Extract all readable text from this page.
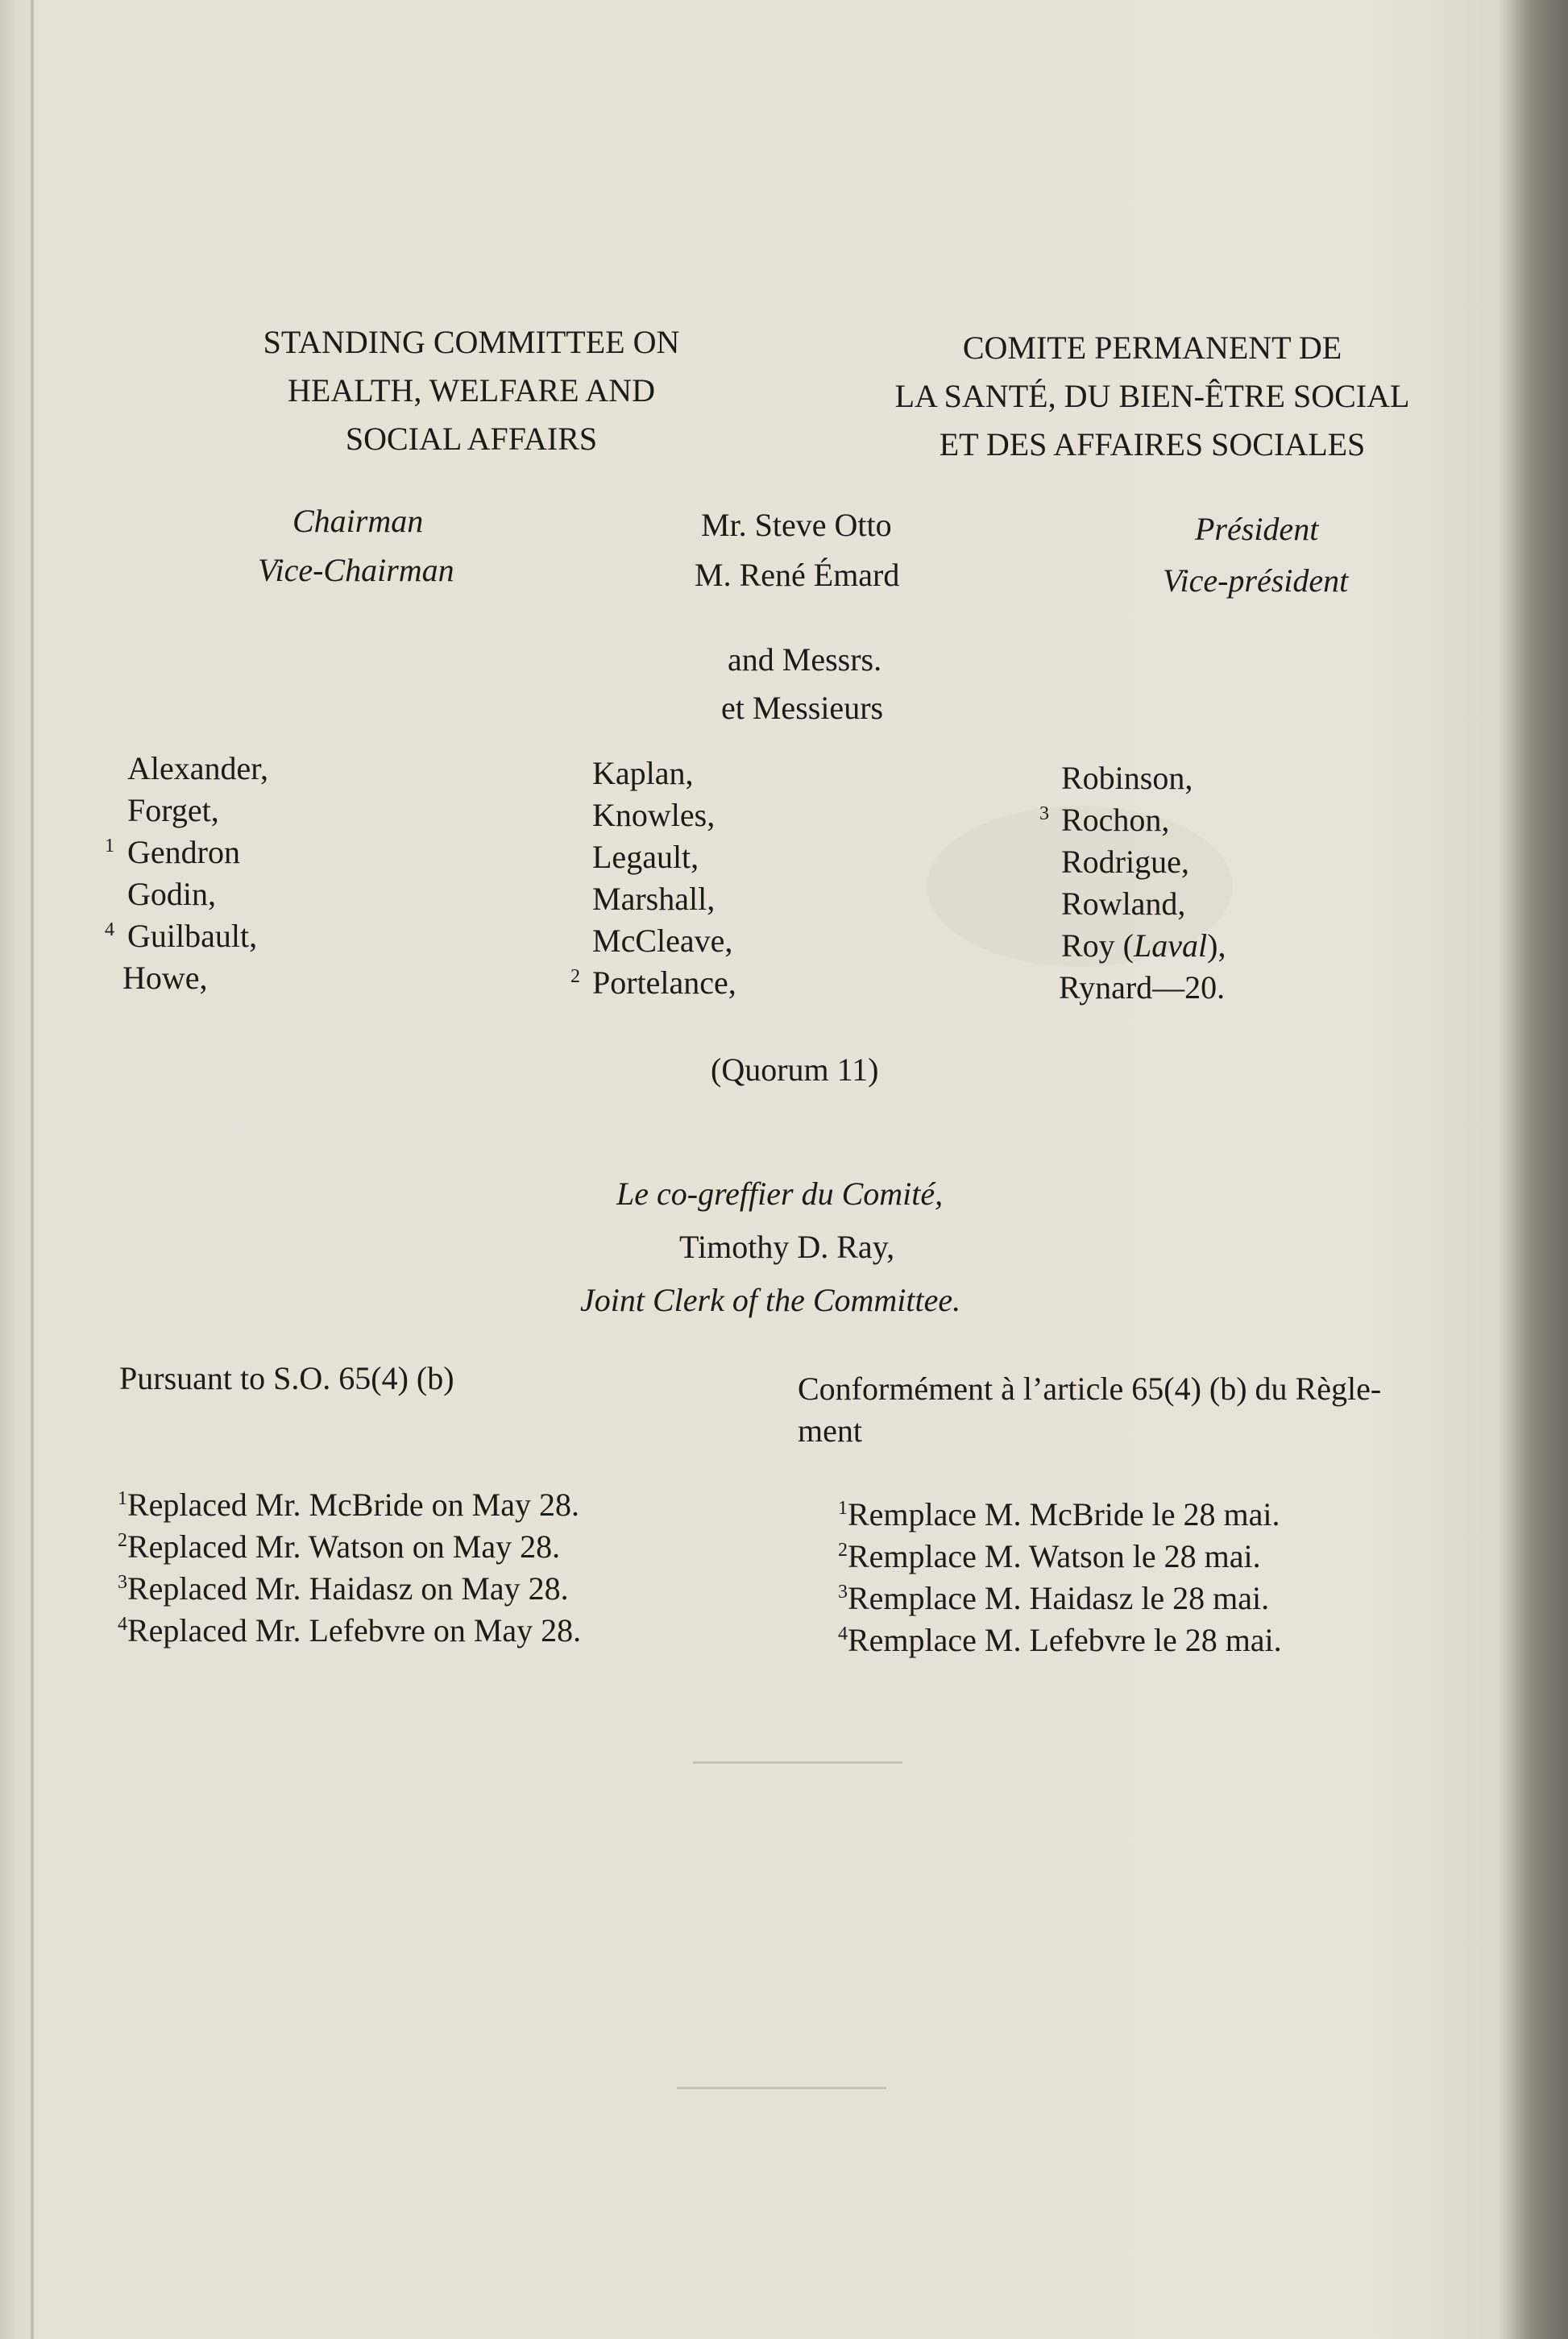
STANDING COMMITTEE ON
HEALTH, WELFARE AND
SOCIAL AFFAIRS
COMITE PERMANENT DE
LA SANTÉ, DU BIEN-ÊTRE SOCIAL
ET DES AFFAIRES SOCIALES
Chairman	Mr. Steve Otto	Président
Vice-Chairman	M. René Émard	Vice-président
and Messrs.
et Messieurs
Alexander,
Forget,
$^1$ Gendron
Godin,
$^4$ Guilbault,
Howe,
Kaplan,
Knowles,
Legault,
Marshall,
McCleave,
$^2$ Portelance,
Robinson,
$^3$ Rochon,
Rodrigue,
Rowland,
Roy (Laval),
Rynard—20.
(Quorum 11)
Le co-greffier du Comité,
Timothy D. Ray,
Joint Clerk of the Committee.
Pursuant to S.O. 65(4) (b)	Conformément à l’article 65(4) (b) du Règle-
ment
$^1$Replaced Mr. McBride on May 28.
$^2$Replaced Mr. Watson on May 28.
$^3$Replaced Mr. Haidasz on May 28.
$^4$Replaced Mr. Lefebvre on May 28.
$^1$Remplace M. McBride le 28 mai.
$^2$Remplace M. Watson le 28 mai.
$^3$Remplace M. Haidasz le 28 mai.
$^4$Remplace M. Lefebvre le 28 mai.
